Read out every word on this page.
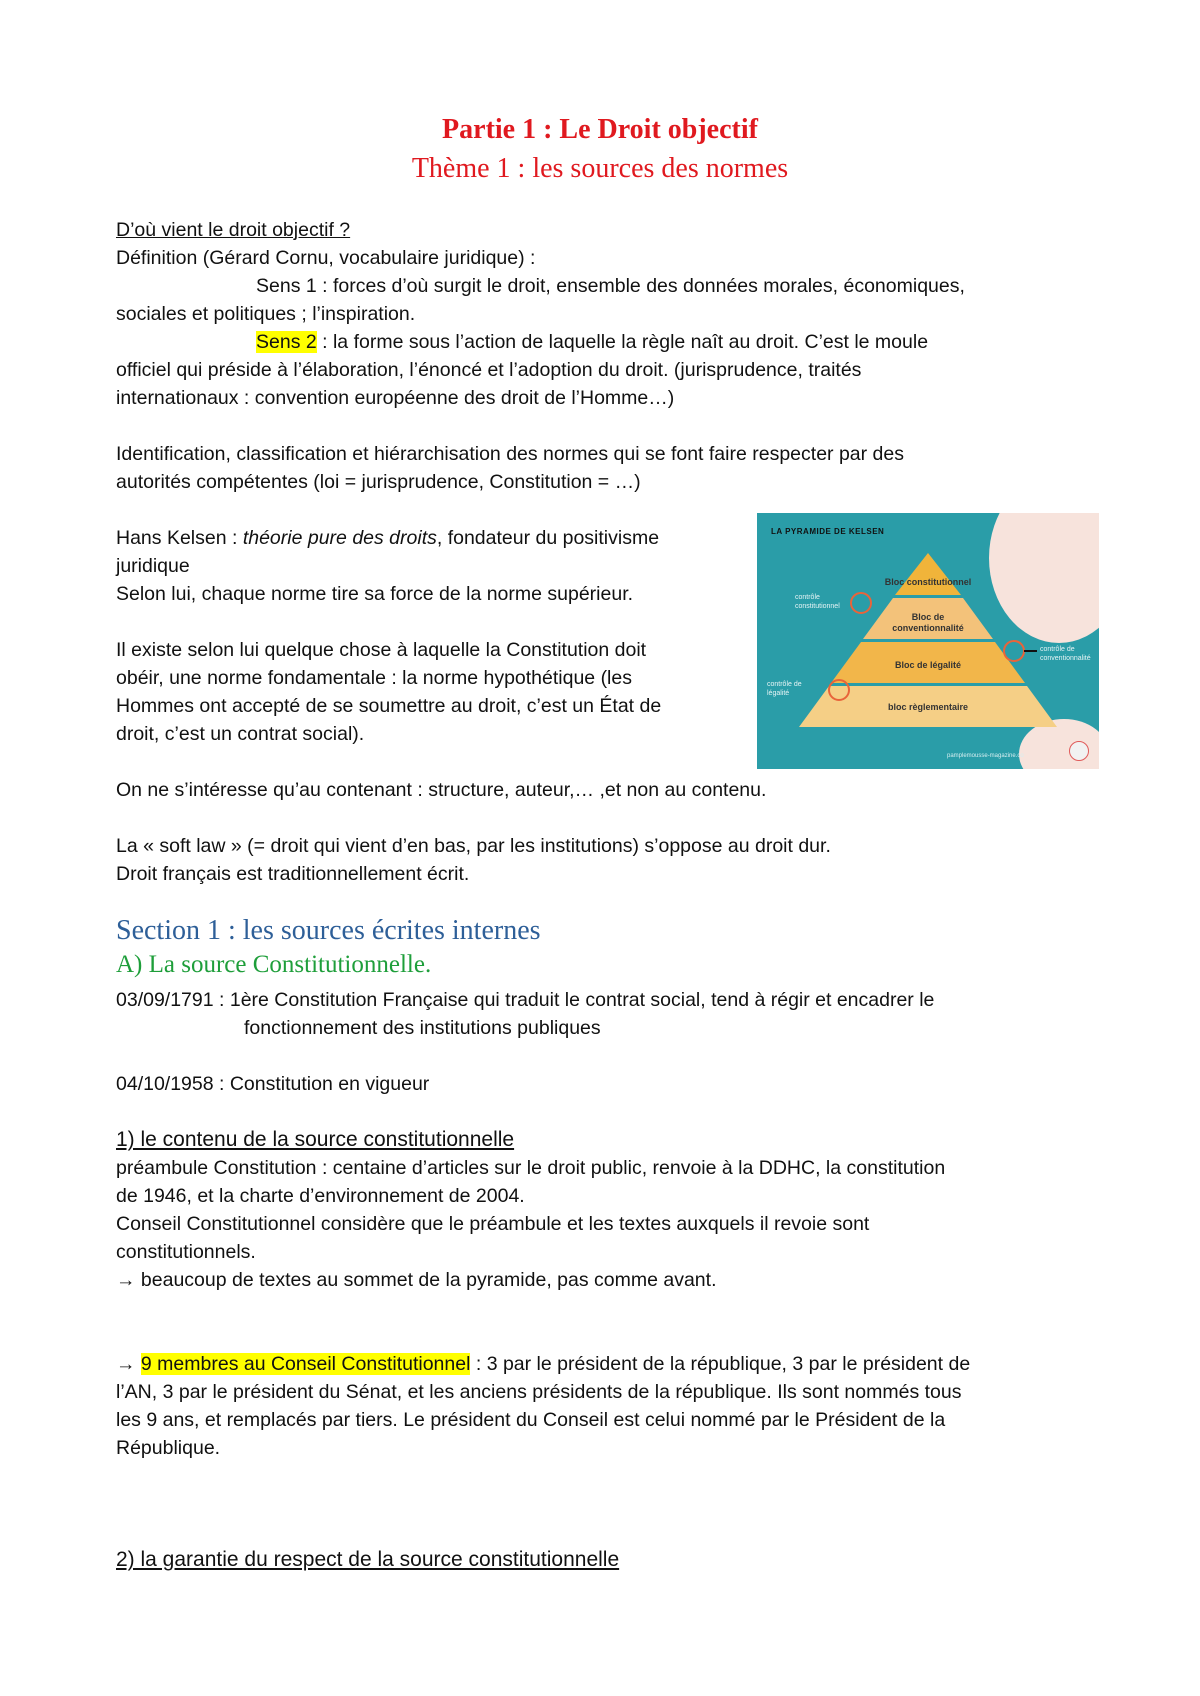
Partie 1 : Le Droit objectif
Thème 1 : les sources des normes
D’où vient le droit objectif ?
Définition (Gérard Cornu, vocabulaire juridique) :
Sens 1 : forces d’où surgit le droit, ensemble des données morales, économiques,
sociales et politiques ; l’inspiration.
Sens 2 : la forme sous l’action de laquelle la règle naît au droit. C’est le moule
officiel qui préside à l’élaboration, l’énoncé et l’adoption du droit. (jurisprudence, traités
internationaux : convention européenne des droit de l’Homme…)
Identification, classification et hiérarchisation des normes qui se font faire respecter par des
autorités compétentes (loi = jurisprudence, Constitution = …)
Hans Kelsen : théorie pure des droits, fondateur du positivisme
juridique
Selon lui, chaque norme tire sa force de la norme supérieur.
Il existe selon lui quelque chose à laquelle la Constitution doit
obéir, une norme fondamentale : la norme hypothétique (les
Hommes ont accepté de se soumettre au droit, c’est un État de
droit, c’est un contrat social).
On ne s’intéresse qu’au contenant : structure, auteur,… ,et non au contenu.
La « soft law » (= droit qui vient d’en bas, par les institutions) s’oppose au droit dur.
Droit français est traditionnellement écrit.
LA PYRAMIDE DE KELSEN
Bloc constitutionnel
Bloc de conventionnalité
Bloc de légalité
bloc règlementaire
contrôle constitutionnel
contrôle de conventionnalité
contrôle de légalité
pamplemousse-magazine.co
Section 1 : les sources écrites internes
A) La source Constitutionnelle.
03/09/1791 : 1ère Constitution Française qui traduit le contrat social, tend à régir et encadrer le
fonctionnement des institutions publiques
04/10/1958 : Constitution en vigueur
1) le contenu de la source constitutionnelle
préambule Constitution : centaine d’articles sur le droit public, renvoie à la DDHC, la constitution
de 1946, et la charte d’environnement de 2004.
Conseil Constitutionnel considère que le préambule et les textes auxquels il revoie sont
constitutionnels.
→ beaucoup de textes au sommet de la pyramide, pas comme avant.
→ 9 membres au Conseil Constitutionnel : 3 par le président de la république, 3 par le président de
l’AN, 3 par le président du Sénat, et les anciens présidents de la république. Ils sont nommés tous
les 9 ans, et remplacés par tiers. Le président du Conseil est celui nommé par le Président de la
République.
2) la garantie du respect de la source constitutionnelle
